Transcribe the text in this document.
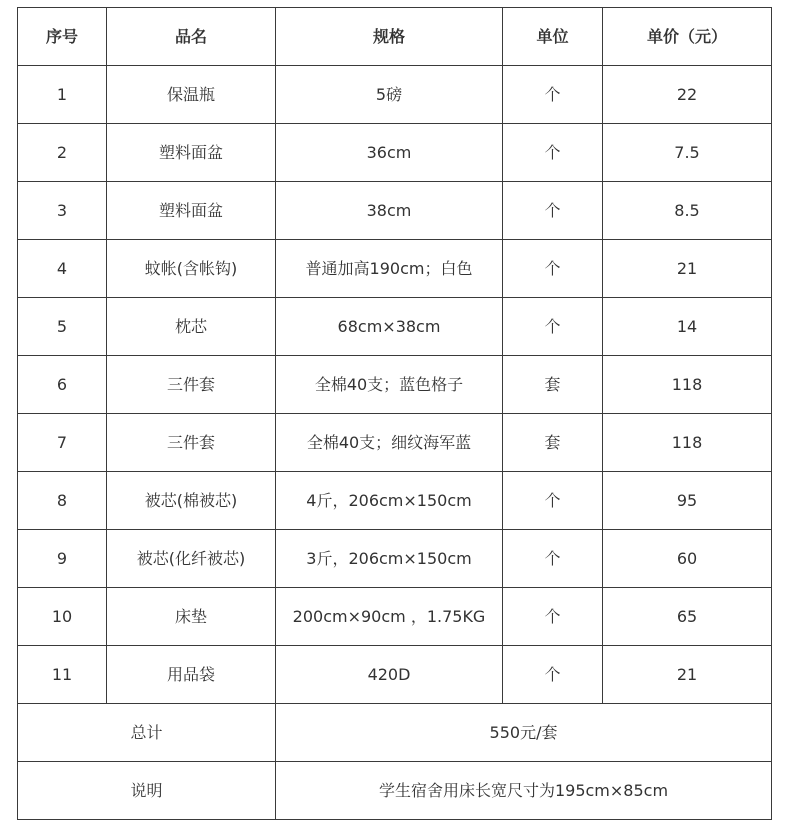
序号	品名	规格	单位	单价（元）
1	保温瓶	5磅	个	22
2	塑料面盆	36cm	个	7.5
3	塑料面盆	38cm	个	8.5
4	蚊帐(含帐钩)	普通加高190cm；白色	个	21
5	枕芯	68cm×38cm	个	14
6	三件套	全棉40支；蓝色格子	套	118
7	三件套	全棉40支；细纹海军蓝	套	118
8	被芯(棉被芯)	4斤，206cm×150cm	个	95
9	被芯(化纤被芯)	3斤，206cm×150cm	个	60
10	床垫	200cm×90cm ，1.75KG	个	65
11	用品袋	420D	个	21
总计		550元/套		
说明		学生宿舍用床长宽尺寸为195cm×85cm		
